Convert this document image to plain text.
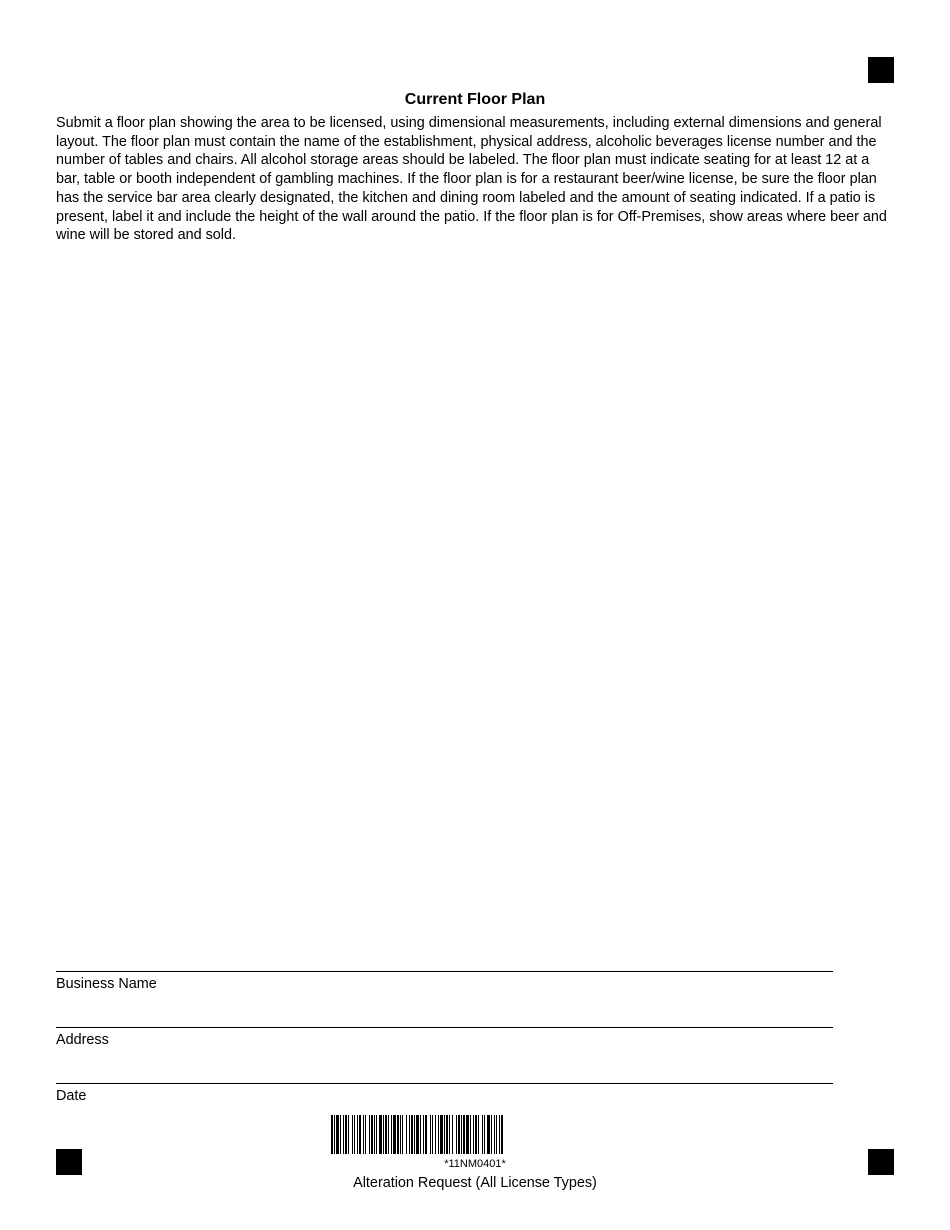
Current Floor Plan
Submit a floor plan showing the area to be licensed, using dimensional measurements, including external dimensions and general layout. The floor plan must contain the name of the establishment, physical address, alcoholic beverages license number and the number of tables and chairs. All alcohol storage areas should be labeled. The floor plan must indicate seating for at least 12 at a bar, table or booth independent of gambling machines. If the floor plan is for a restaurant beer/wine license, be sure the floor plan has the service bar area clearly designated, the kitchen and dining room labeled and the amount of seating indicated. If a patio is present, label it and include the height of the wall around the patio. If the floor plan is for Off-Premises, show areas where beer and wine will be stored and sold.
Business Name
Address
Date
*11NM0401*
Alteration Request (All License Types)
